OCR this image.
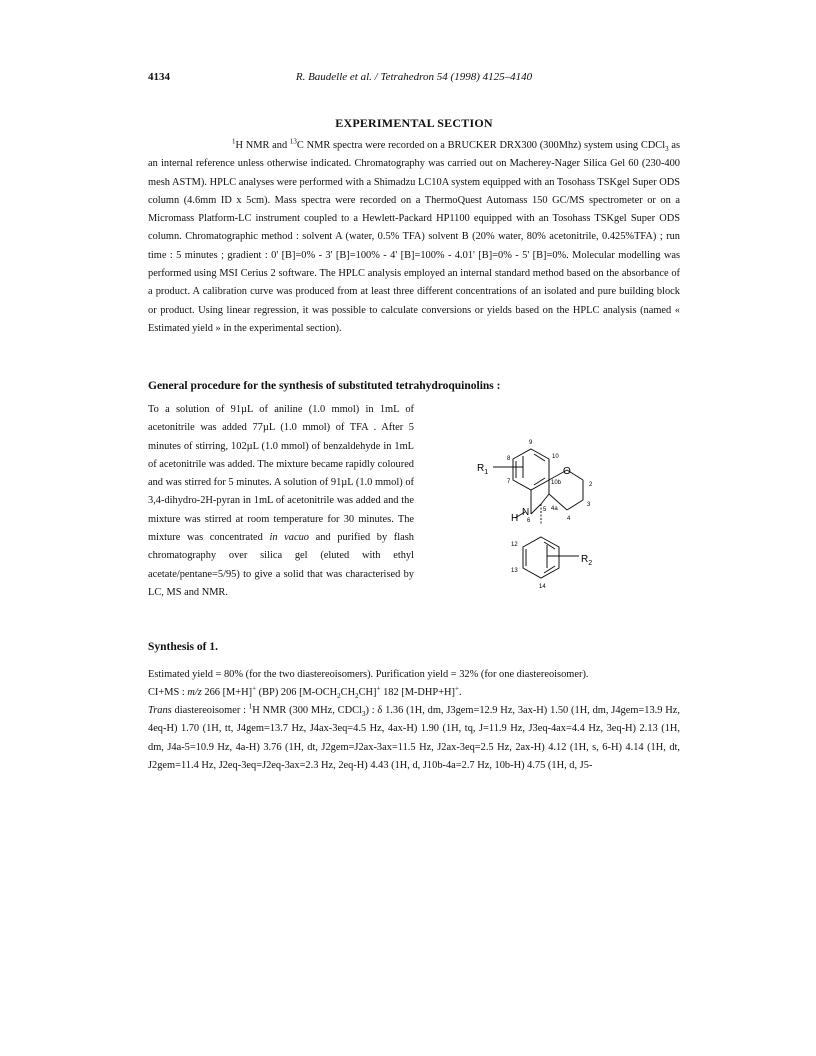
4134	R. Baudelle et al. / Tetrahedron 54 (1998) 4125–4140
EXPERIMENTAL SECTION

$^1$H NMR and $^{13}$C NMR spectra were recorded on a BRUCKER DRX300 (300Mhz) system using CDCl$_3$ as an internal reference unless otherwise indicated. Chromatography was carried out on Macherey-Nager Silica Gel 60 (230-400 mesh ASTM). HPLC analyses were performed with a Shimadzu LC10A system equipped with an Tosohass TSKgel Super ODS column (4.6mm ID x 5cm). Mass spectra were recorded on a ThermoQuest Automass 150 GC/MS spectrometer or on a Micromass Platform-LC instrument coupled to a Hewlett-Packard HP1100 equipped with an Tosohass TSKgel Super ODS column. Chromatographic method : solvent A (water, 0.5% TFA) solvent B (20% water, 80% acetonitrile, 0.425%TFA) ; run time : 5 minutes ; gradient : 0' [B]=0% - 3' [B]=100% - 4' [B]=100% - 4.01' [B]=0% - 5' [B]=0%. Molecular modelling was performed using MSI Cerius 2 software. The HPLC analysis employed an internal standard method based on the absorbance of a product. A calibration curve was produced from at least three different concentrations of an isolated and pure building block or product. Using linear regression, it was possible to calculate conversions or yields based on the HPLC analysis (named « Estimated yield » in the experimental section).

General procedure for the synthesis of substituted tetrahydroquinolins :

To a solution of 91µL of aniline (1.0 mmol) in 1mL of acetonitrile was added 77µL (1.0 mmol) of TFA . After 5 minutes of stirring, 102µL (1.0 mmol) of benzaldehyde in 1mL of acetonitrile was added. The mixture became rapidly coloured and was stirred for 5 minutes. A solution of 91µL (1.0 mmol) of 3,4-dihydro-2H-pyran in 1mL of acetonitrile was added and the mixture was stirred at room temperature for 30 minutes. The mixture was concentrated in vacuo and purified by flash chromatography over silica gel (eluted with ethyl acetate/pentane=5/95) to give a solid that was characterised by LC, MS and NMR.

$R_1$
$R_2$
H
N
O
2
3
4
4a
5
6
7
8
9
10
10b
12
13
14
Synthesis of 1.

Estimated yield = 80% (for the two diastereoisomers). Purification yield = 32% (for one diastereoisomer).

CI+MS : m/z 266 [M+H]+ (BP) 206 $[M-OCH_2CH_2CH]^+$ 182 [M-DHP+H]+.

Trans diastereoisomer : $^1$H NMR (300 MHz, CDCl$_3$) : δ 1.36 (1H, dm, J3gem=12.9 Hz, 3ax-H) 1.50 (1H, dm, J4gem=13.9 Hz, 4eq-H) 1.70 (1H, tt, J4gem=13.7 Hz, J4ax-3eq=4.5 Hz, 4ax-H) 1.90 (1H, tq, J=11.9 Hz, J3eq-4ax=4.4 Hz, 3eq-H) 2.13 (1H, dm, J4a-5=10.9 Hz, 4a-H) 3.76 (1H, dt, J2gem=J2ax-3ax=11.5 Hz, J2ax-3eq=2.5 Hz, 2ax-H) 4.12 (1H, s, 6-H) 4.14 (1H, dt, J2gem=11.4 Hz, J2eq-3eq=J2eq-3ax=2.3 Hz, 2eq-H) 4.43 (1H, d, J10b-4a=2.7 Hz, 10b-H) 4.75 (1H, d, J5-
